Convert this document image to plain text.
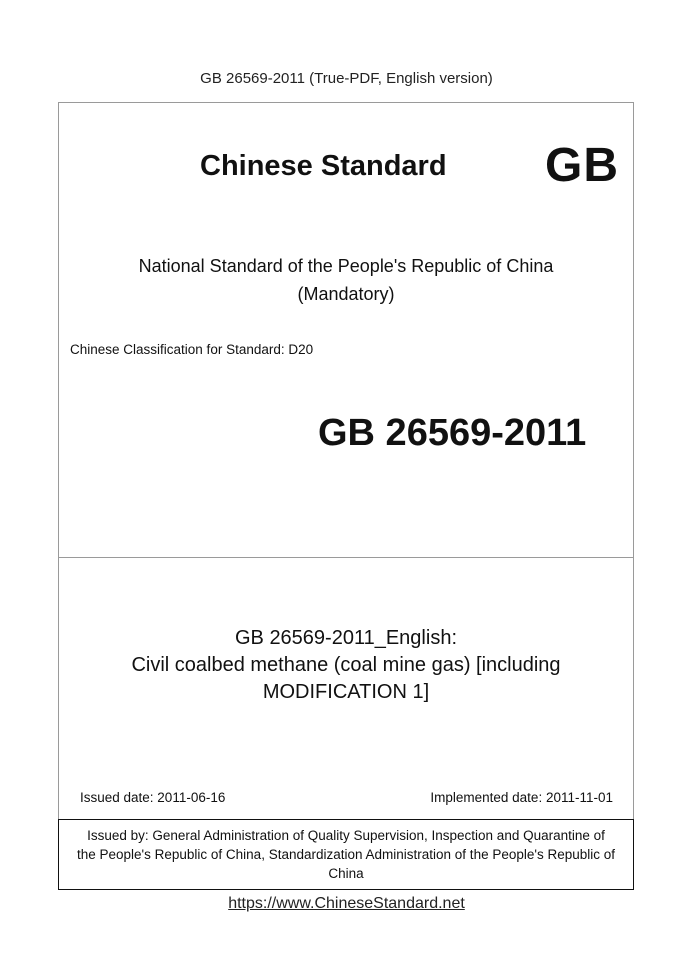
GB 26569-2011 (True-PDF, English version)
Chinese Standard GB
National Standard of the People's Republic of China
(Mandatory)
Chinese Classification for Standard: D20
GB 26569-2011
GB 26569-2011_English:
Civil coalbed methane (coal mine gas) [including
MODIFICATION 1]
Issued date: 2011-06-16	Implemented date: 2011-11-01
Issued by: General Administration of Quality Supervision, Inspection and Quarantine of
the People's Republic of China, Standardization Administration of the People's Republic of
China
https://www.ChineseStandard.net
